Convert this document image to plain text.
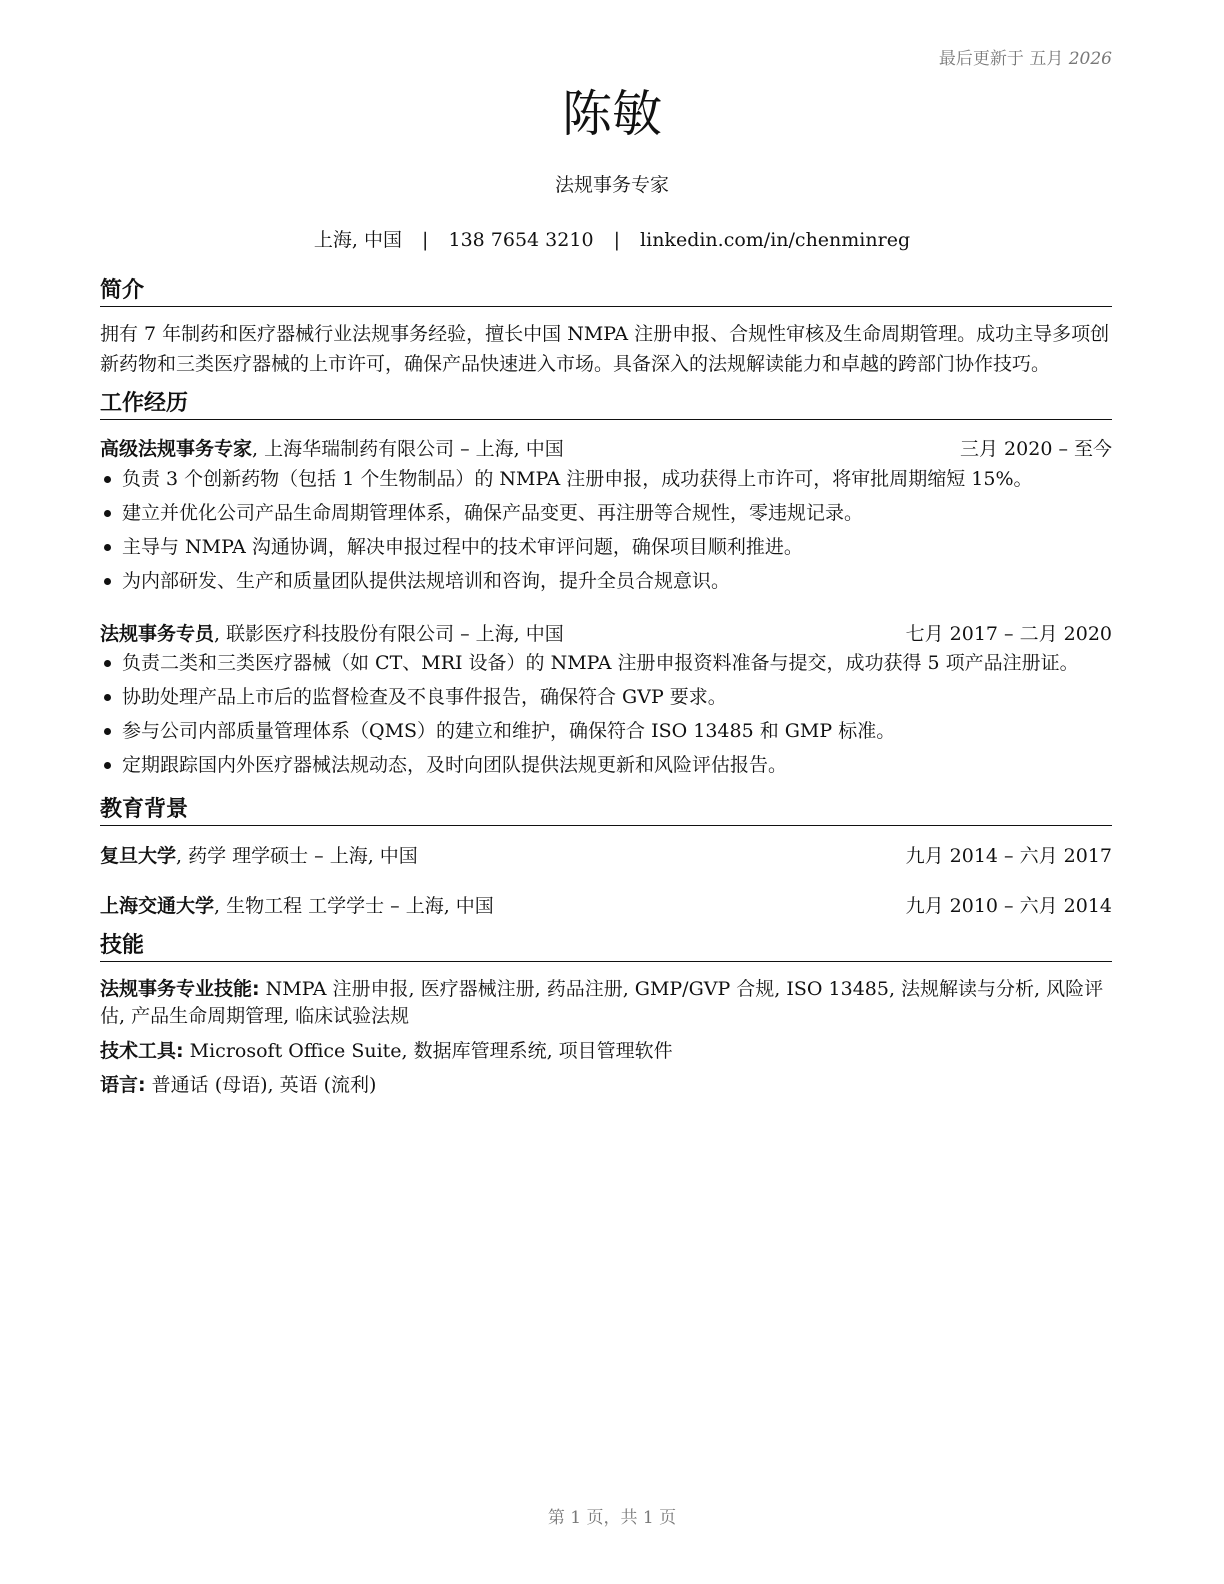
最后更新于 五月 2026
陈敏
法规事务专家
上海, 中国 | 138 7654 3210 | linkedin.com/in/chenminreg
简介
拥有 7 年制药和医疗器械行业法规事务经验，擅长中国 NMPA 注册申报、合规性审核及生命周期管理。成功主导多项创新药物和三类医疗器械的上市许可，确保产品快速进入市场。具备深入的法规解读能力和卓越的跨部门协作技巧。
工作经历
高级法规事务专家, 上海华瑞制药有限公司 – 上海, 中国	三月 2020 – 至今
负责 3 个创新药物（包括 1 个生物制品）的 NMPA 注册申报，成功获得上市许可，将审批周期缩短 15%。
建立并优化公司产品生命周期管理体系，确保产品变更、再注册等合规性，零违规记录。
主导与 NMPA 沟通协调，解决申报过程中的技术审评问题，确保项目顺利推进。
为内部研发、生产和质量团队提供法规培训和咨询，提升全员合规意识。
法规事务专员, 联影医疗科技股份有限公司 – 上海, 中国	七月 2017 – 二月 2020
负责二类和三类医疗器械（如 CT、MRI 设备）的 NMPA 注册申报资料准备与提交，成功获得 5 项产品注册证。
协助处理产品上市后的监督检查及不良事件报告，确保符合 GVP 要求。
参与公司内部质量管理体系（QMS）的建立和维护，确保符合 ISO 13485 和 GMP 标准。
定期跟踪国内外医疗器械法规动态，及时向团队提供法规更新和风险评估报告。
教育背景
复旦大学, 药学 理学硕士 – 上海, 中国	九月 2014 – 六月 2017
上海交通大学, 生物工程 工学学士 – 上海, 中国	九月 2010 – 六月 2014
技能
法规事务专业技能: NMPA 注册申报, 医疗器械注册, 药品注册, GMP/GVP 合规, ISO 13485, 法规解读与分析, 风险评估, 产品生命周期管理, 临床试验法规
技术工具: Microsoft Office Suite, 数据库管理系统, 项目管理软件
语言: 普通话 (母语), 英语 (流利)
第 1 页，共 1 页
